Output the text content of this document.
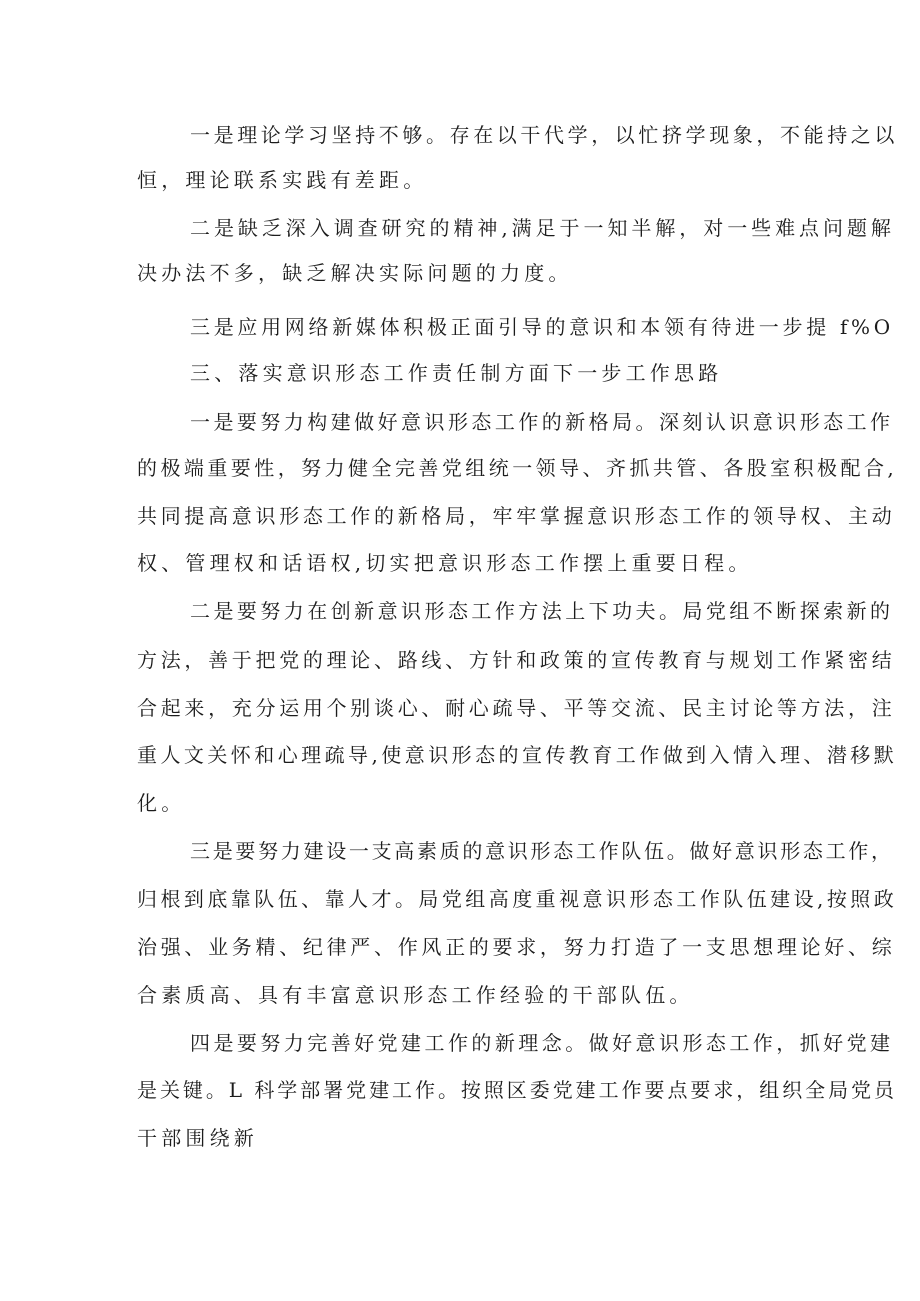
一是理论学习坚持不够。存在以干代学，以忙挤学现象，不能持之以
恒，理论联系实践有差距。
二是缺乏深入调查研究的精神,满足于一知半解，对一些难点问题解
决办法不多，缺乏解决实际问题的力度。
三是应用网络新媒体积极正面引导的意识和本领有待进一步提 f%O
三、落实意识形态工作责任制方面下一步工作思路
一是要努力构建做好意识形态工作的新格局。深刻认识意识形态工作
的极端重要性，努力健全完善党组统一领导、齐抓共管、各股室积极配合,
共同提高意识形态工作的新格局，牢牢掌握意识形态工作的领导权、主动
权、管理权和话语权,切实把意识形态工作摆上重要日程。
二是要努力在创新意识形态工作方法上下功夫。局党组不断探索新的
方法，善于把党的理论、路线、方针和政策的宣传教育与规划工作紧密结
合起来，充分运用个别谈心、耐心疏导、平等交流、民主讨论等方法，注
重人文关怀和心理疏导,使意识形态的宣传教育工作做到入情入理、潜移默
化。
三是要努力建设一支高素质的意识形态工作队伍。做好意识形态工作，
归根到底靠队伍、靠人才。局党组高度重视意识形态工作队伍建设,按照政
治强、业务精、纪律严、作风正的要求，努力打造了一支思想理论好、综
合素质高、具有丰富意识形态工作经验的干部队伍。
四是要努力完善好党建工作的新理念。做好意识形态工作，抓好党建
是关键。L 科学部署党建工作。按照区委党建工作要点要求，组织全局党员
干部围绕新
